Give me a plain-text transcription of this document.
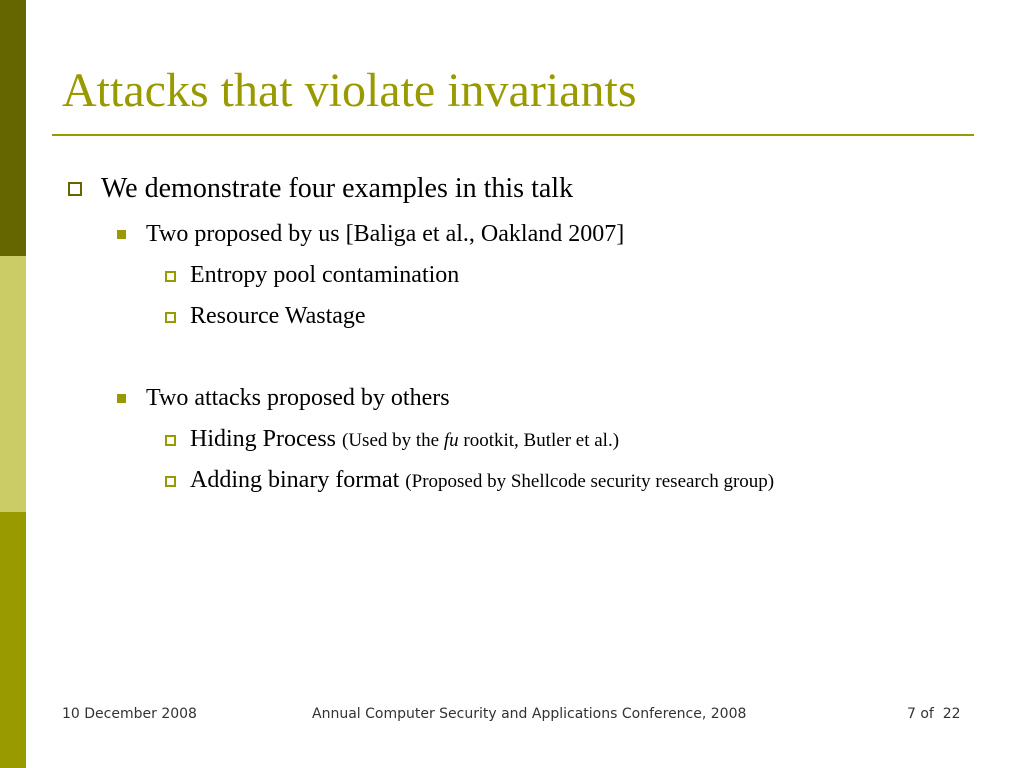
Attacks that violate invariants
We demonstrate four examples in this talk
Two proposed by us [Baliga et al., Oakland 2007]
Entropy pool contamination
Resource Wastage
Two attacks proposed by others
Hiding Process (Used by the fu rootkit, Butler et al.)
Adding binary format (Proposed by Shellcode security research group)
10 December 2008	Annual Computer Security and Applications Conference, 2008	7 of  22
